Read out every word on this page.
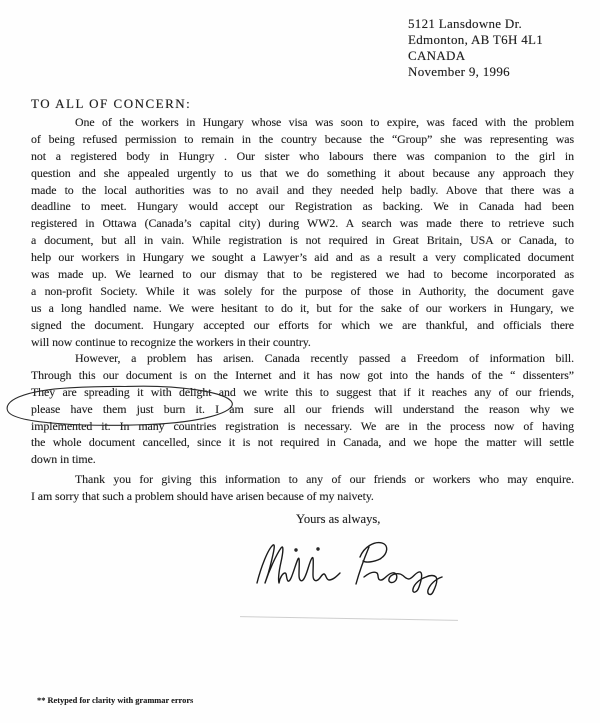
5121 Lansdowne Dr.
Edmonton, AB T6H 4L1
CANADA
November 9, 1996
TO ALL OF CONCERN:
One of the workers in Hungary whose visa was soon to expire, was faced with the problem
of being refused permission to remain in the country because the “Group” she was representing was
not a registered body in Hungry . Our sister who labours there was companion to the girl in
question and she appealed urgently to us that we do something it about because any approach they
made to the local authorities was to no avail and they needed help badly. Above that there was a
deadline to meet. Hungary would accept our Registration as backing. We in Canada had been
registered in Ottawa (Canada’s capital city) during WW2. A search was made there to retrieve such
a document, but all in vain. While registration is not required in Great Britain, USA or Canada, to
help our workers in Hungary we sought a Lawyer’s aid and as a result a very complicated document
was made up. We learned to our dismay that to be registered we had to become incorporated as
a non-profit Society. While it was solely for the purpose of those in Authority, the document gave
us a long handled name. We were hesitant to do it, but for the sake of our workers in Hungary, we
signed the document. Hungary accepted our efforts for which we are thankful, and officials there
will now continue to recognize the workers in their country.
However, a problem has arisen. Canada recently passed a Freedom of information bill.
Through this our document is on the Internet and it has now got into the hands of the “ dissenters”
They are spreading it with delight and we write this to suggest that if it reaches any of our friends,
please have them just burn it. I am sure all our friends will understand the reason why we
implemented it. In many countries registration is necessary. We are in the process now of having
the whole document cancelled, since it is not required in Canada, and we hope the matter will settle
down in time.
Thank you for giving this information to any of our friends or workers who may enquire.
I am sorry that such a problem should have arisen because of my naivety.
Yours as always,
** Retyped for clarity with grammar errors
